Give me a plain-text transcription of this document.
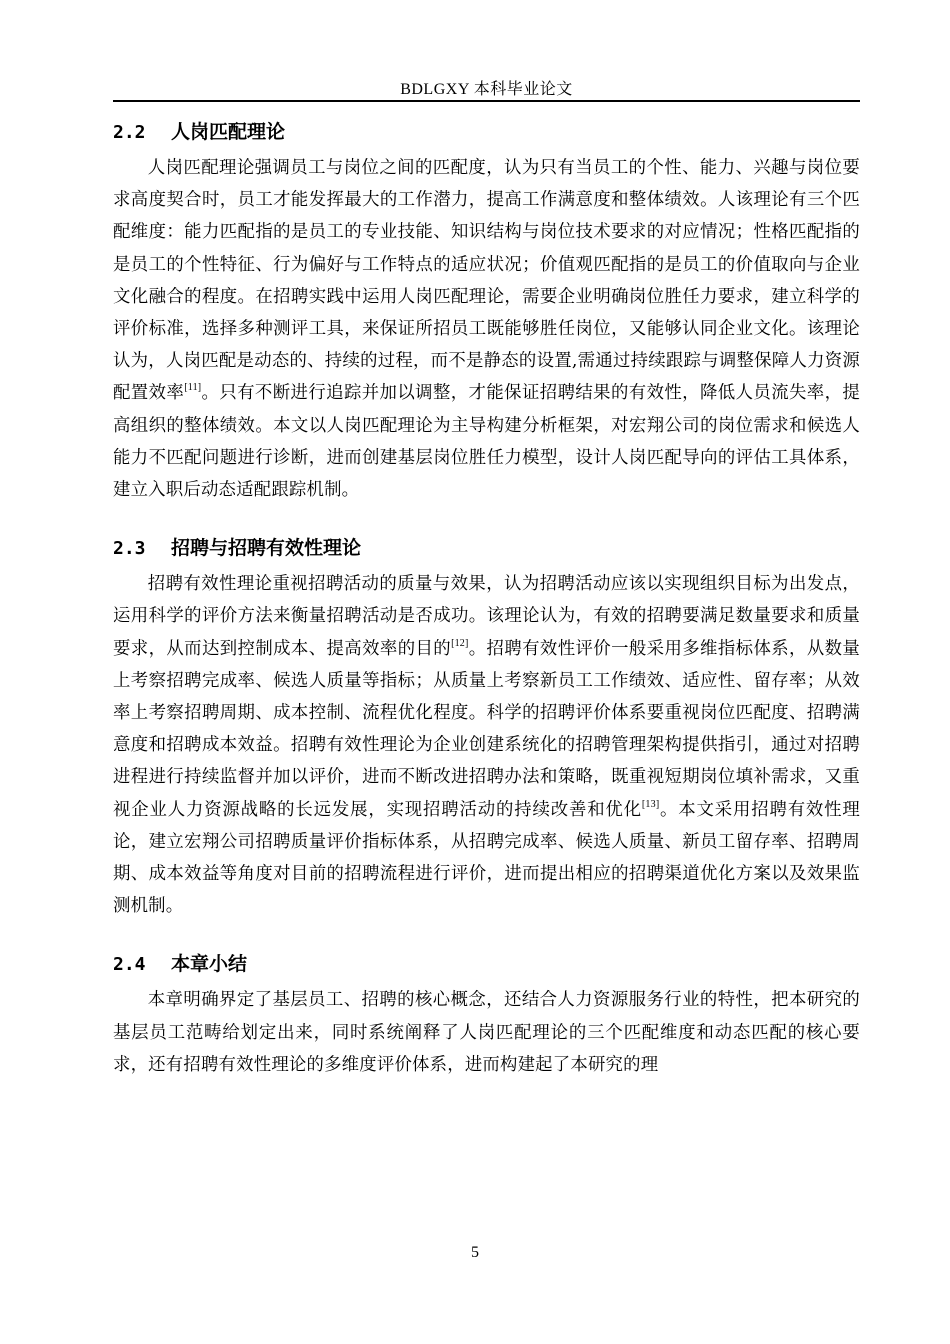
BDLGXY 本科毕业论文
2.2 人岗匹配理论

人岗匹配理论强调员工与岗位之间的匹配度，认为只有当员工的个性、能力、兴趣与岗位要求高度契合时，员工才能发挥最大的工作潜力，提高工作满意度和整体绩效。人该理论有三个匹配维度：能力匹配指的是员工的专业技能、知识结构与岗位技术要求的对应情况；性格匹配指的是员工的个性特征、行为偏好与工作特点的适应状况；价值观匹配指的是员工的价值取向与企业文化融合的程度。在招聘实践中运用人岗匹配理论，需要企业明确岗位胜任力要求，建立科学的评价标准，选择多种测评工具，来保证所招员工既能够胜任岗位，又能够认同企业文化。该理论认为，人岗匹配是动态的、持续的过程，而不是静态的设置,需通过持续跟踪与调整保障人力资源配置效率[11]。只有不断进行追踪并加以调整，才能保证招聘结果的有效性，降低人员流失率，提高组织的整体绩效。本文以人岗匹配理论为主导构建分析框架，对宏翔公司的岗位需求和候选人能力不匹配问题进行诊断，进而创建基层岗位胜任力模型，设计人岗匹配导向的评估工具体系，建立入职后动态适配跟踪机制。

2.3 招聘与招聘有效性理论

招聘有效性理论重视招聘活动的质量与效果，认为招聘活动应该以实现组织目标为出发点，运用科学的评价方法来衡量招聘活动是否成功。该理论认为，有效的招聘要满足数量要求和质量要求，从而达到控制成本、提高效率的目的[12]。招聘有效性评价一般采用多维指标体系，从数量上考察招聘完成率、候选人质量等指标；从质量上考察新员工工作绩效、适应性、留存率；从效率上考察招聘周期、成本控制、流程优化程度。科学的招聘评价体系要重视岗位匹配度、招聘满意度和招聘成本效益。招聘有效性理论为企业创建系统化的招聘管理架构提供指引，通过对招聘进程进行持续监督并加以评价，进而不断改进招聘办法和策略，既重视短期岗位填补需求，又重视企业人力资源战略的长远发展，实现招聘活动的持续改善和优化[13]。本文采用招聘有效性理论，建立宏翔公司招聘质量评价指标体系，从招聘完成率、候选人质量、新员工留存率、招聘周期、成本效益等角度对目前的招聘流程进行评价，进而提出相应的招聘渠道优化方案以及效果监测机制。

2.4 本章小结

本章明确界定了基层员工、招聘的核心概念，还结合人力资源服务行业的特性，把本研究的基层员工范畴给划定出来，同时系统阐释了人岗匹配理论的三个匹配维度和动态匹配的核心要求，还有招聘有效性理论的多维度评价体系，进而构建起了本研究的理

5
